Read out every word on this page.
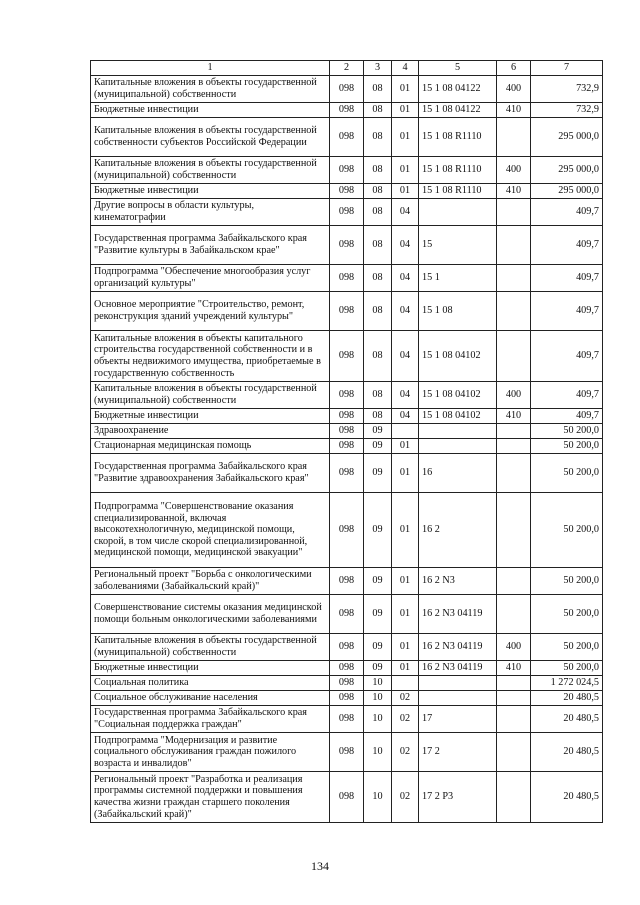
1	2	3	4	5	6	7
Капитальные вложения в объекты государственной (муниципальной) собственности	098	08	01	15 1 08 04122	400	732,9
Бюджетные инвестиции	098	08	01	15 1 08 04122	410	732,9
Капитальные вложения в объекты государственной собственности субъектов Российской Федерации	098	08	01	15 1 08 R1110		295 000,0
Капитальные вложения в объекты государственной (муниципальной) собственности	098	08	01	15 1 08 R1110	400	295 000,0
Бюджетные инвестиции	098	08	01	15 1 08 R1110	410	295 000,0
Другие вопросы в области культуры, кинематографии	098	08	04			409,7
Государственная программа Забайкальского края "Развитие культуры в Забайкальском крае"	098	08	04	15		409,7
Подпрограмма "Обеспечение многообразия услуг организаций культуры"	098	08	04	15 1		409,7
Основное мероприятие "Строительство, ремонт, реконструкция зданий учреждений культуры"	098	08	04	15 1 08		409,7
Капитальные вложения в объекты капитального строительства государственной собственности и в объекты недвижимого имущества, приобретаемые в государственную собственность	098	08	04	15 1 08 04102		409,7
Капитальные вложения в объекты государственной (муниципальной) собственности	098	08	04	15 1 08 04102	400	409,7
Бюджетные инвестиции	098	08	04	15 1 08 04102	410	409,7
Здравоохранение	098	09				50 200,0
Стационарная медицинская помощь	098	09	01			50 200,0
Государственная программа Забайкальского края "Развитие здравоохранения Забайкальского края"	098	09	01	16		50 200,0
Подпрограмма "Совершенствование оказания специализированной, включая высокотехнологичную, медицинской помощи, скорой, в том числе скорой специализированной, медицинской помощи, медицинской эвакуации"	098	09	01	16 2		50 200,0
Региональный проект "Борьба с онкологическими заболеваниями (Забайкальский край)"	098	09	01	16 2 N3		50 200,0
Совершенствование системы оказания медицинской помощи больным онкологическими заболеваниями	098	09	01	16 2 N3 04119		50 200,0
Капитальные вложения в объекты государственной (муниципальной) собственности	098	09	01	16 2 N3 04119	400	50 200,0
Бюджетные инвестиции	098	09	01	16 2 N3 04119	410	50 200,0
Социальная политика	098	10				1 272 024,5
Социальное обслуживание населения	098	10	02			20 480,5
Государственная программа Забайкальского края "Социальная поддержка граждан"	098	10	02	17		20 480,5
Подпрограмма "Модернизация и развитие социального обслуживания граждан пожилого возраста и инвалидов"	098	10	02	17 2		20 480,5
Региональный проект "Разработка и реализация программы системной поддержки и повышения качества жизни граждан старшего поколения (Забайкальский край)"	098	10	02	17 2 P3		20 480,5
134
